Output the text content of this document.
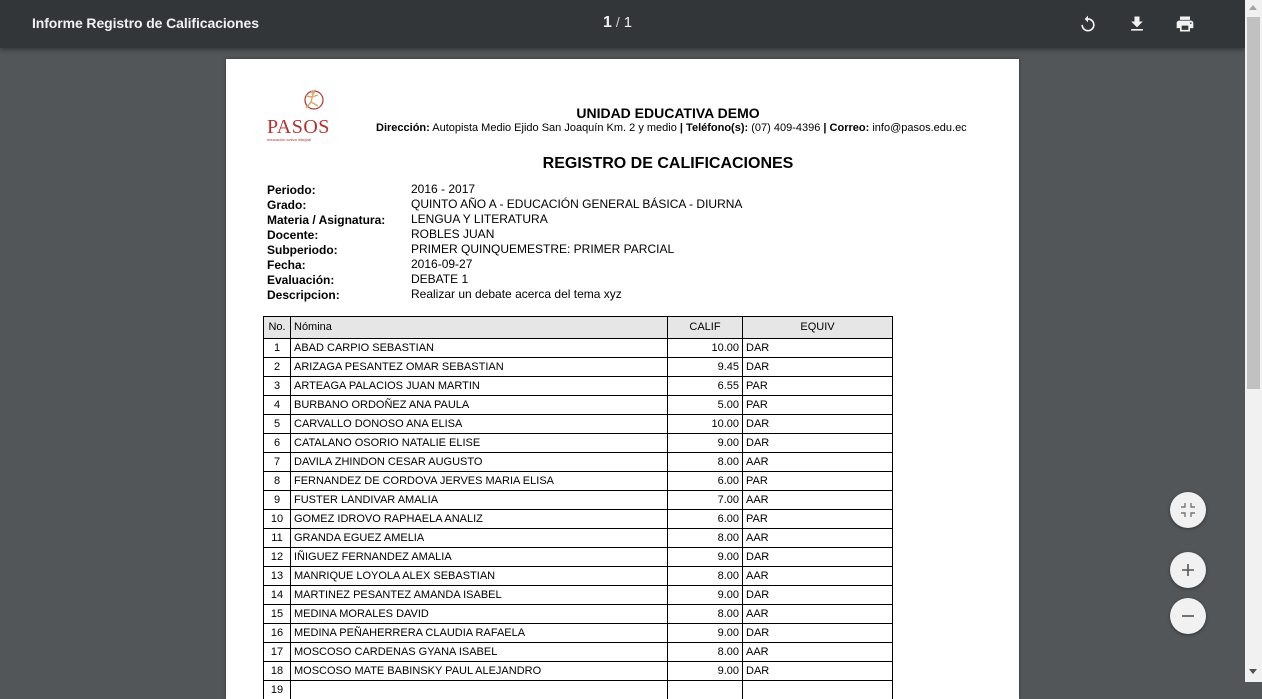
Informe Registro de Calificaciones	1 / 1
PASOS
educación activa integral
UNIDAD EDUCATIVA DEMO
Dirección: Autopista Medio Ejido San Joaquín Km. 2 y medio | Teléfono(s): (07) 409-4396 | Correo: info@pasos.edu.ec
REGISTRO DE CALIFICACIONES
Periodo:	2016 - 2017
Grado:	QUINTO AÑO A - EDUCACIÓN GENERAL BÁSICA - DIURNA
Materia / Asignatura: LENGUA Y LITERATURA
Docente:	ROBLES JUAN
Subperiodo:	PRIMER QUINQUEMESTRE: PRIMER PARCIAL
Fecha:	2016-09-27
Evaluación:	DEBATE 1
Descripcion:	Realizar un debate acerca del tema xyz
No.	Nómina	CALIF	EQUIV
1	ABAD CARPIO SEBASTIAN	10.00	DAR
2	ARIZAGA PESANTEZ OMAR SEBASTIAN	9.45	DAR
3	ARTEAGA PALACIOS JUAN MARTIN	6.55	PAR
4	BURBANO ORDOÑEZ ANA PAULA	5.00	PAR
5	CARVALLO DONOSO ANA ELISA	10.00	DAR
6	CATALANO OSORIO NATALIE ELISE	9.00	DAR
7	DAVILA ZHINDON CESAR AUGUSTO	8.00	AAR
8	FERNANDEZ DE CORDOVA JERVES MARIA ELISA	6.00	PAR
9	FUSTER LANDIVAR AMALIA	7.00	AAR
10	GOMEZ IDROVO RAPHAELA ANALIZ	6.00	PAR
11	GRANDA EGUEZ AMELIA	8.00	AAR
12	IÑIGUEZ FERNANDEZ AMALIA	9.00	DAR
13	MANRIQUE LOYOLA ALEX SEBASTIAN	8.00	AAR
14	MARTINEZ PESANTEZ AMANDA ISABEL	9.00	DAR
15	MEDINA MORALES DAVID	8.00	AAR
16	MEDINA PEÑAHERRERA CLAUDIA RAFAELA	9.00	DAR
17	MOSCOSO CARDENAS GYANA ISABEL	8.00	AAR
18	MOSCOSO MATE BABINSKY PAUL ALEJANDRO	9.00	DAR
19			
